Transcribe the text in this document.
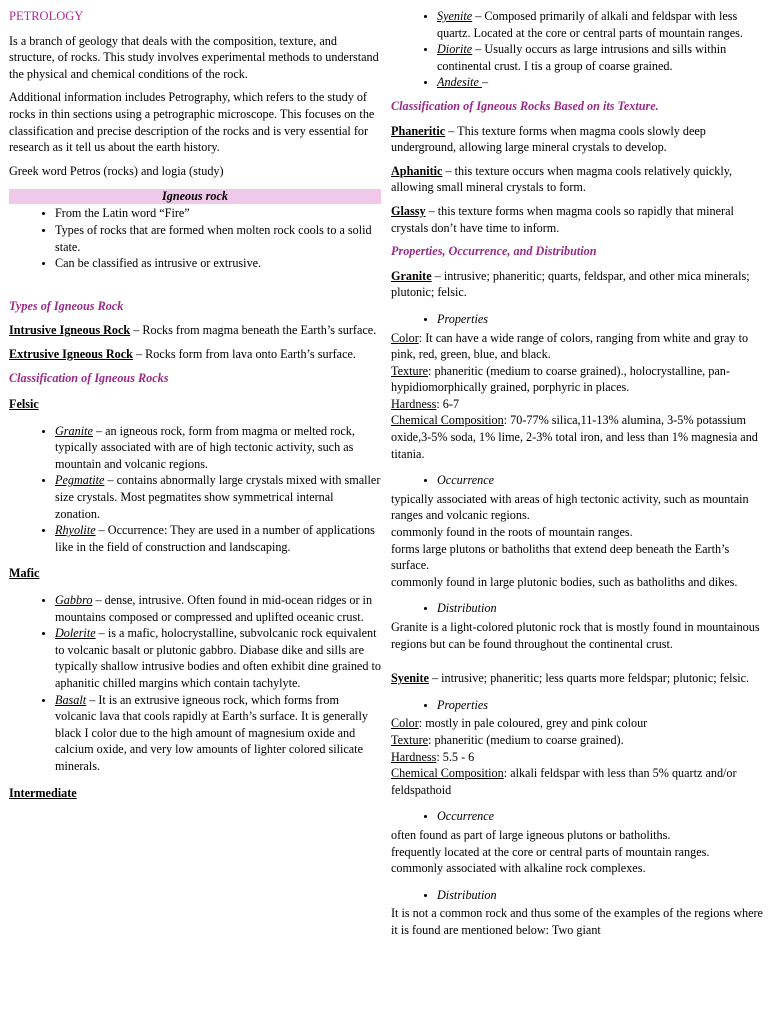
PETROLOGY

Is a branch of geology that deals with the composition, texture, and structure, of rocks. This study involves experimental methods to understand the physical and chemical conditions of the rock.

Additional information includes Petrography, which refers to the study of rocks in thin sections using a petrographic microscope. This focuses on the classification and precise description of the rocks and is very essential for research as it tell us about the earth history.

Greek word Petros (rocks) and logia (study)

Igneous rock
• From the Latin word “Fire”
• Types of rocks that are formed when molten rock cools to a solid state.
• Can be classified as intrusive or extrusive.
Types of Igneous Rock

Intrusive Igneous Rock – Rocks from magma beneath the Earth’s surface.

Extrusive Igneous Rock – Rocks form from lava onto Earth’s surface.

Classification of Igneous Rocks
Felsic
• Granite – an igneous rock, form from magma or melted rock, typically associated with are of high tectonic activity, such as mountain and volcanic regions.
• Pegmatite – contains abnormally large crystals mixed with smaller size crystals. Most pegmatites show symmetrical internal zonation.
• Rhyolite – Occurrence: They are used in a number of applications like in the field of construction and landscaping.
Mafic
• Gabbro – dense, intrusive. Often found in mid-ocean ridges or in mountains composed or compressed and uplifted oceanic crust.
• Dolerite – is a mafic, holocrystalline, subvolcanic rock equivalent to volcanic basalt or plutonic gabbro. Diabase dike and sills are typically shallow intrusive bodies and often exhibit dine grained to aphanitic chilled margins which contain tachylyte.
• Basalt – It is an extrusive igneous rock, which forms from
volcanic lava that cools rapidly at Earth’s surface. It is generally black I color due to the high amount of magnesium oxide and calcium oxide, and very low amounts of lighter colored silicate minerals.
Intermediate
• Syenite – Composed primarily of alkali and feldspar with less quartz. Located at the core or central parts of mountain ranges.
• Diorite – Usually occurs as large intrusions and sills within continental crust. I tis a group of coarse grained.
• Andesite –
Classification of Igneous Rocks Based on its Texture.

Phaneritic – This texture forms when magma cools slowly deep underground, allowing large mineral crystals to develop.

Aphanitic – this texture occurs when magma cools relatively quickly, allowing small mineral crystals to form.

Glassy – this texture forms when magma cools so rapidly that mineral crystals don’t have time to inform.

Properties, Occurrence, and Distribution

Granite – intrusive; phaneritic; quarts, feldspar, and other mica minerals; plutonic; felsic.

• Properties
Color: It can have a wide range of colors, ranging from white and gray to pink, red, green, blue, and black.
Texture: phaneritic (medium to coarse grained)., holocrystalline, pan-hypidiomorphically grained, porphyric in places.
Hardness: 6-7
Chemical Composition: 70-77% silica,11-13% alumina, 3-5% potassium oxide,3-5% soda, 1% lime, 2-3% total iron, and less than 1% magnesia and titania.
• Occurrence
typically associated with areas of high tectonic activity, such as mountain ranges and volcanic regions.
commonly found in the roots of mountain ranges.
forms large plutons or batholiths that extend deep beneath the Earth’s surface.
commonly found in large plutonic bodies, such as batholiths and dikes.
• Distribution
Granite is a light-colored plutonic rock that is mostly found in mountainous regions but can be found throughout the continental crust.

Syenite – intrusive; phaneritic; less quarts more feldspar; plutonic; felsic.

• Properties
Color: mostly in pale coloured, grey and pink colour
Texture: phaneritic (medium to coarse grained).
Hardness: 5.5 - 6
Chemical Composition: alkali feldspar with less than 5% quartz and/or feldspathoid
• Occurrence
often found as part of large igneous plutons or batholiths.
frequently located at the core or central parts of mountain ranges.
commonly associated with alkaline rock complexes.
• Distribution
It is not a common rock and thus some of the examples of the regions where it is found are mentioned below: Two giant
